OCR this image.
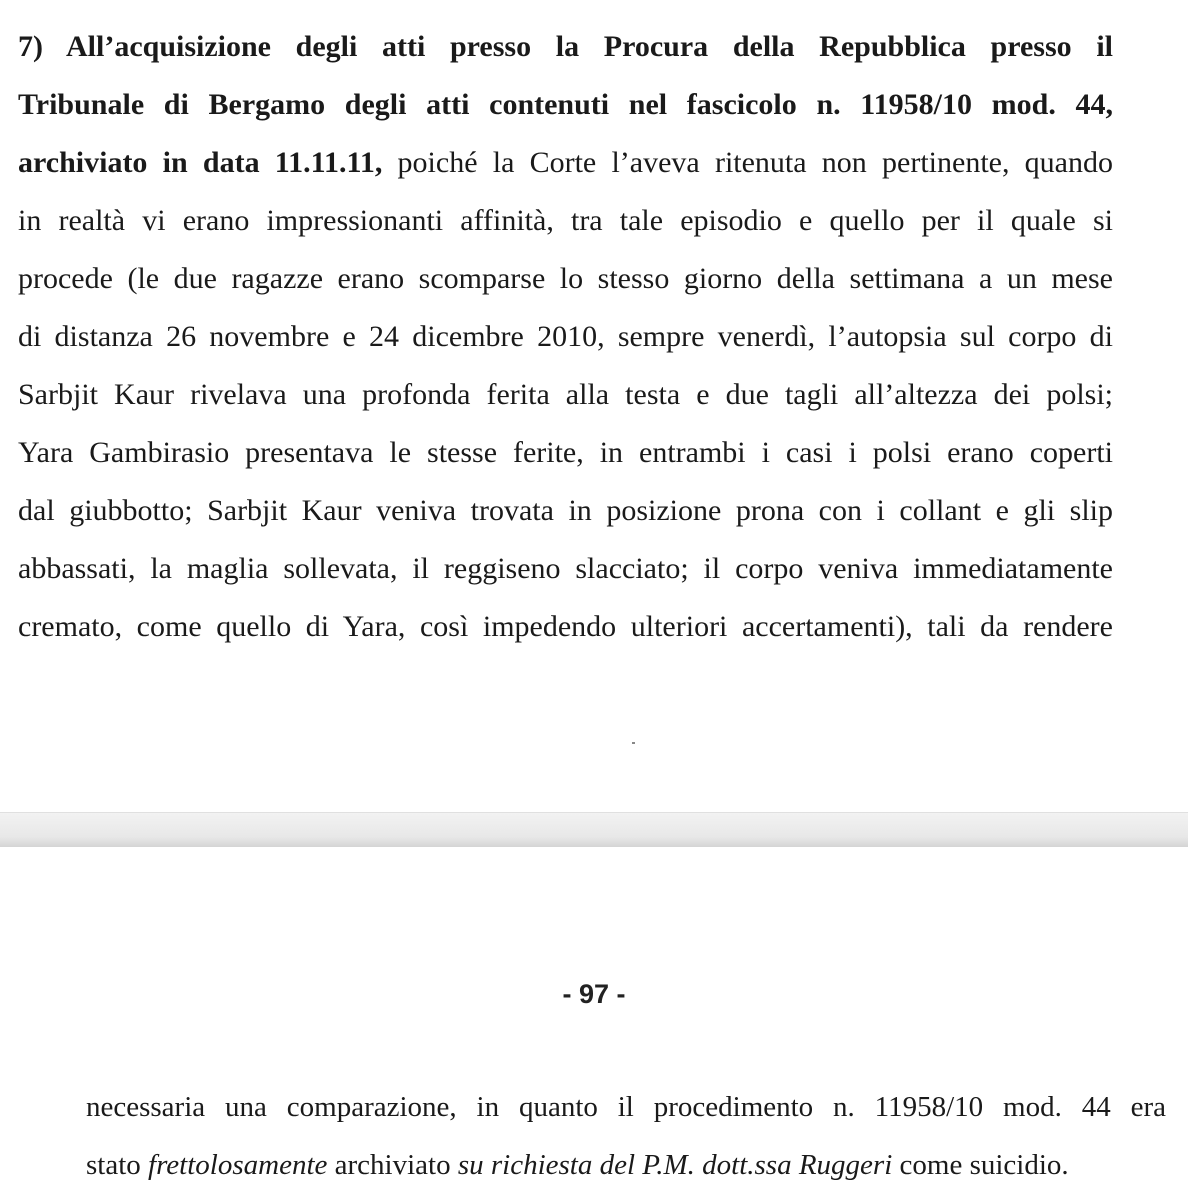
7) All’acquisizione degli atti presso la Procura della Repubblica presso il
Tribunale di Bergamo degli atti contenuti nel fascicolo n. 11958/10 mod. 44,
archiviato in data 11.11.11, poiché la Corte l’aveva ritenuta non pertinente, quando
in realtà vi erano impressionanti affinità, tra tale episodio e quello per il quale si
procede (le due ragazze erano scomparse lo stesso giorno della settimana a un mese
di distanza 26 novembre e 24 dicembre 2010, sempre venerdì, l’autopsia sul corpo di
Sarbjit Kaur rivelava una profonda ferita alla testa e due tagli all’altezza dei polsi;
Yara Gambirasio presentava le stesse ferite, in entrambi i casi i polsi erano coperti
dal giubbotto; Sarbjit Kaur veniva trovata in posizione prona con i collant e gli slip
abbassati, la maglia sollevata, il reggiseno slacciato; il corpo veniva immediatamente
cremato, come quello di Yara, così impedendo ulteriori accertamenti), tali da rendere
- 97 -
necessaria una comparazione, in quanto il procedimento n. 11958/10 mod. 44 era
stato frettolosamente archiviato su richiesta del P.M. dott.ssa Ruggeri come suicidio.
